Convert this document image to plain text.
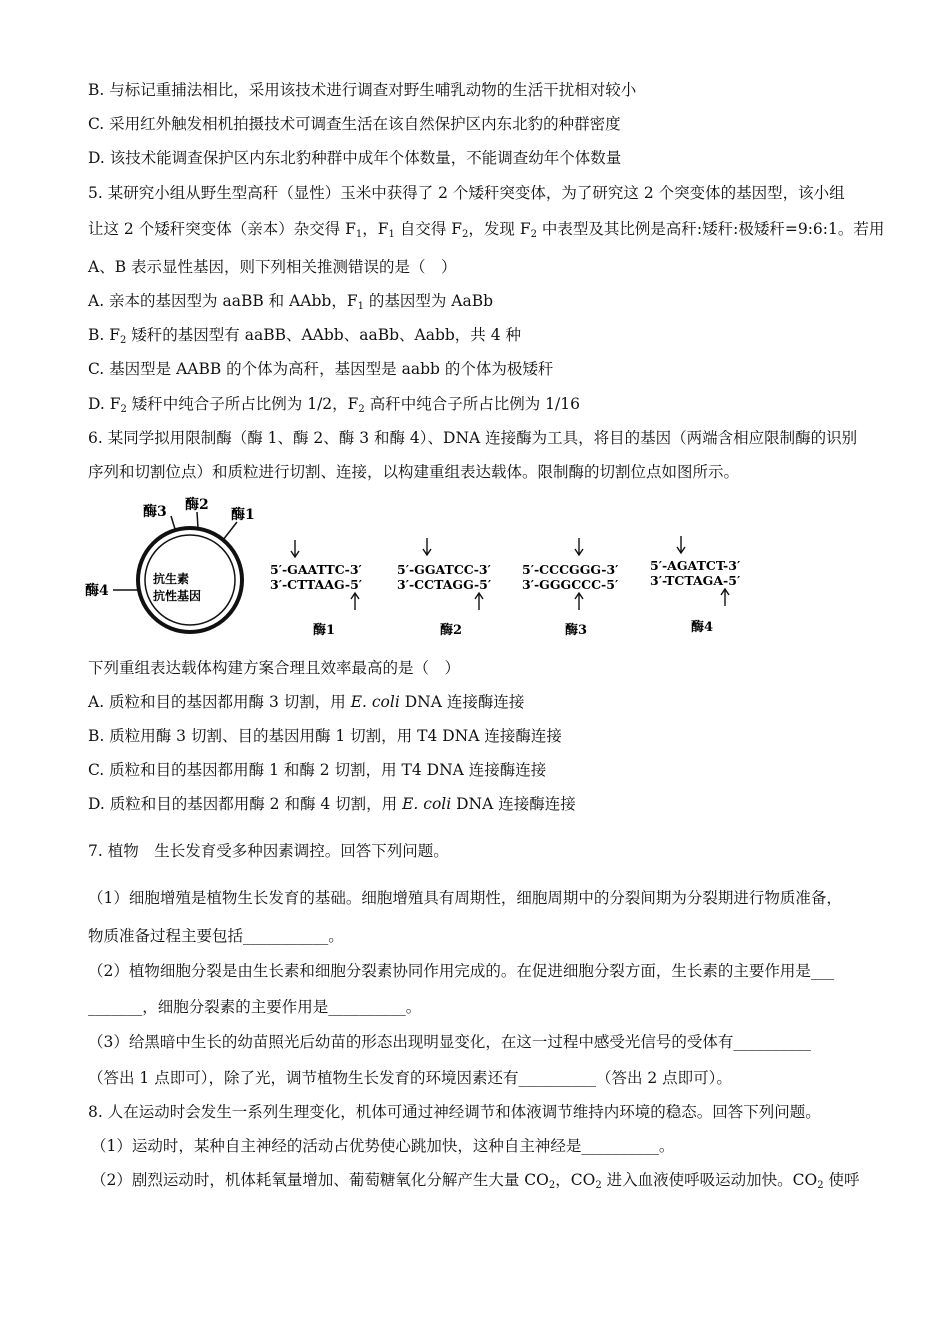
B. 与标记重捕法相比，采用该技术进行调查对野生哺乳动物的生活干扰相对较小
C. 采用红外触发相机拍摄技术可调查生活在该自然保护区内东北豹的种群密度
D. 该技术能调查保护区内东北豹种群中成年个体数量，不能调查幼年个体数量
5. 某研究小组从野生型高秆（显性）玉米中获得了 2 个矮秆突变体，为了研究这 2 个突变体的基因型，该小组
让这 2 个矮秆突变体（亲本）杂交得 $F_1$，$F_1$ 自交得 $F_2$，发现 $F_2$ 中表型及其比例是高秆:矮秆:极矮秆=9:6:1。若用
A、B 表示显性基因，则下列相关推测错误的是（　）
A. 亲本的基因型为 aaBB 和 AAbb，$F_1$ 的基因型为 AaBb
B. $F_2$ 矮秆的基因型有 aaBB、AAbb、aaBb、Aabb，共 4 种
C. 基因型是 AABB 的个体为高秆，基因型是 aabb 的个体为极矮秆
D. $F_2$ 矮秆中纯合子所占比例为 1/2，$F_2$ 高秆中纯合子所占比例为 1/16
6. 某同学拟用限制酶（酶 1、酶 2、酶 3 和酶 4）、DNA 连接酶为工具，将目的基因（两端含相应限制酶的识别
序列和切割位点）和质粒进行切割、连接，以构建重组表达载体。限制酶的切割位点如图所示。
酶3 酶2
酶1
酶4
抗生素
抗性基因
5′-GAATTC-3′
3′-CTTAAG-5′
酶1
5′-GGATCC-3′
3′-CCTAGG-5′
酶2
5′-CCCGGG-3′
3′-GGGCCC-5′
酶3
5′-AGATCT-3′
3′-TCTAGA-5′
酶4
下列重组表达载体构建方案合理且效率最高的是（　）
A. 质粒和目的基因都用酶 3 切割，用 E. coli DNA 连接酶连接
B. 质粒用酶 3 切割、目的基因用酶 1 切割，用 T4 DNA 连接酶连接
C. 质粒和目的基因都用酶 1 和酶 2 切割，用 T4 DNA 连接酶连接
D. 质粒和目的基因都用酶 2 和酶 4 切割，用 E. coli DNA 连接酶连接
7. 植物　生长发育受多种因素调控。回答下列问题。
（1）细胞增殖是植物生长发育的基础。细胞增殖具有周期性，细胞周期中的分裂间期为分裂期进行物质准备，
物质准备过程主要包括___________。
（2）植物细胞分裂是由生长素和细胞分裂素协同作用完成的。在促进细胞分裂方面，生长素的主要作用是___
_______，细胞分裂素的主要作用是__________。
（3）给黑暗中生长的幼苗照光后幼苗的形态出现明显变化，在这一过程中感受光信号的受体有__________
（答出 1 点即可），除了光，调节植物生长发育的环境因素还有__________（答出 2 点即可）。
8. 人在运动时会发生一系列生理变化，机体可通过神经调节和体液调节维持内环境的稳态。回答下列问题。
（1）运动时，某种自主神经的活动占优势使心跳加快，这种自主神经是__________。
（2）剧烈运动时，机体耗氧量增加、葡萄糖氧化分解产生大量 $CO_2$，$CO_2$ 进入血液使呼吸运动加快。$CO_2$ 使呼
